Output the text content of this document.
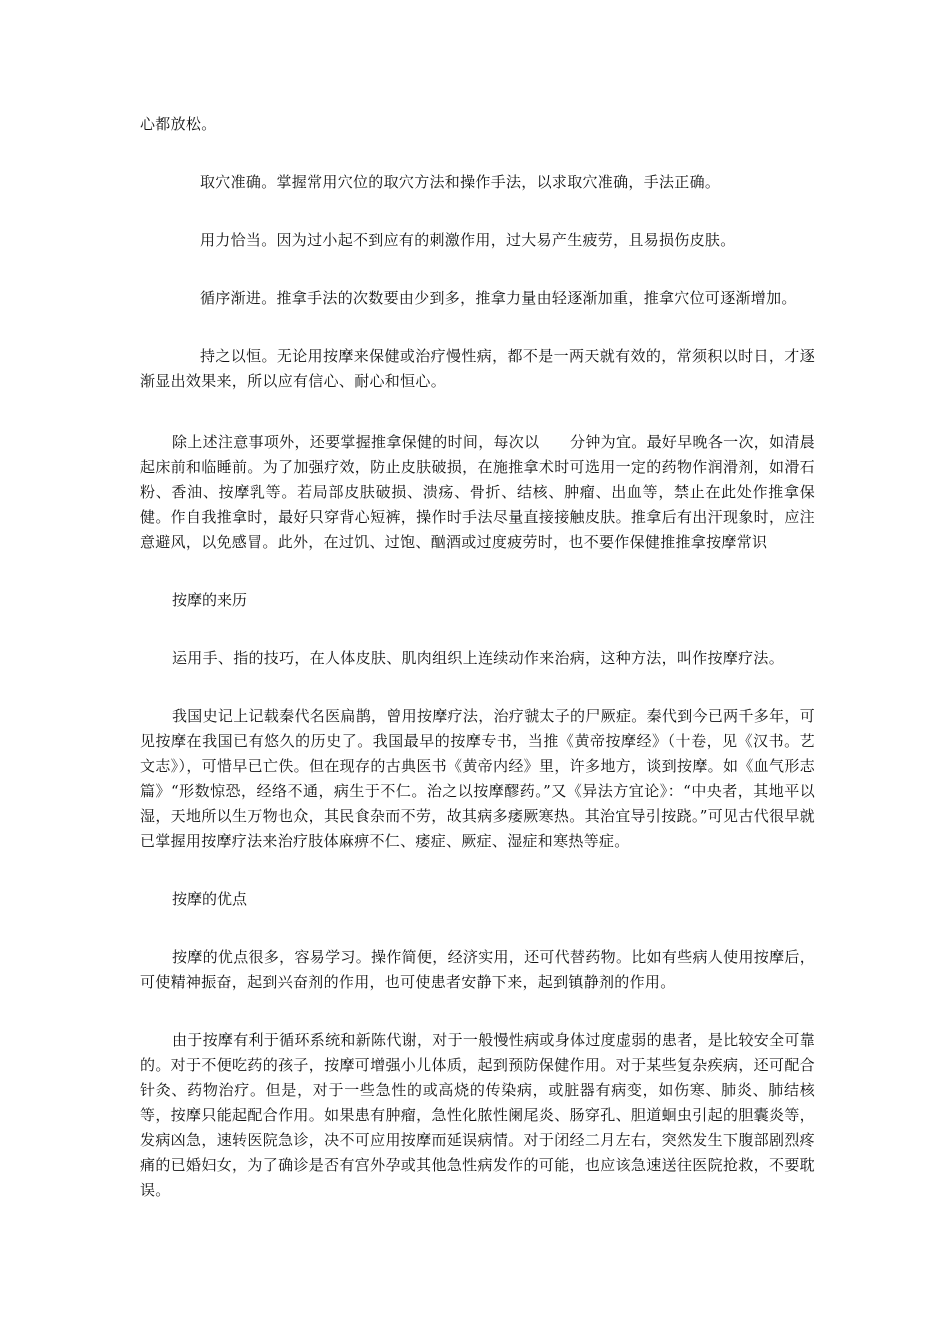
心都放松。

取穴准确。掌握常用穴位的取穴方法和操作手法，以求取穴准确，手法正确。

用力恰当。因为过小起不到应有的刺激作用，过大易产生疲劳，且易损伤皮肤。

循序渐进。推拿手法的次数要由少到多，推拿力量由轻逐渐加重，推拿穴位可逐渐增加。

持之以恒。无论用按摩来保健或治疗慢性病，都不是一两天就有效的，常须积以时日，才逐渐显出效果来，所以应有信心、耐心和恒心。

除上述注意事项外，还要掌握推拿保健的时间，每次以　　分钟为宜。最好早晚各一次，如清晨起床前和临睡前。为了加强疗效，防止皮肤破损，在施推拿术时可选用一定的药物作润滑剂，如滑石粉、香油、按摩乳等。若局部皮肤破损、溃疡、骨折、结核、肿瘤、出血等，禁止在此处作推拿保健。作自我推拿时，最好只穿背心短裤，操作时手法尽量直接接触皮肤。推拿后有出汗现象时，应注意避风，以免感冒。此外，在过饥、过饱、酗酒或过度疲劳时，也不要作保健推推拿按摩常识

按摩的来历

运用手、指的技巧，在人体皮肤、肌肉组织上连续动作来治病，这种方法，叫作按摩疗法。

我国史记上记载秦代名医扁鹊，曾用按摩疗法，治疗虢太子的尸厥症。秦代到今已两千多年，可见按摩在我国已有悠久的历史了。我国最早的按摩专书，当推《黄帝按摩经》（十卷，见《汉书。艺文志》），可惜早已亡佚。但在现存的古典医书《黄帝内经》里，许多地方，谈到按摩。如《血气形志篇》“形数惊恐，经络不通，病生于不仁。治之以按摩醪药。”又《异法方宜论》：“中央者，其地平以湿，天地所以生万物也众，其民食杂而不劳，故其病多痿厥寒热。其治宜导引按跷。”可见古代很早就已掌握用按摩疗法来治疗肢体麻痹不仁、痿症、厥症、湿症和寒热等症。

按摩的优点

按摩的优点很多，容易学习。操作简便，经济实用，还可代替药物。比如有些病人使用按摩后，可使精神振奋，起到兴奋剂的作用，也可使患者安静下来，起到镇静剂的作用。

由于按摩有利于循环系统和新陈代谢，对于一般慢性病或身体过度虚弱的患者，是比较安全可靠的。对于不便吃药的孩子，按摩可增强小儿体质，起到预防保健作用。对于某些复杂疾病，还可配合针灸、药物治疗。但是，对于一些急性的或高烧的传染病，或脏器有病变，如伤寒、肺炎、肺结核等，按摩只能起配合作用。如果患有肿瘤，急性化脓性阑尾炎、肠穿孔、胆道蛔虫引起的胆囊炎等，发病凶急，速转医院急诊，决不可应用按摩而延误病情。对于闭经二月左右，突然发生下腹部剧烈疼痛的已婚妇女，为了确诊是否有宫外孕或其他急性病发作的可能，也应该急速送往医院抢救，不要耽误。
